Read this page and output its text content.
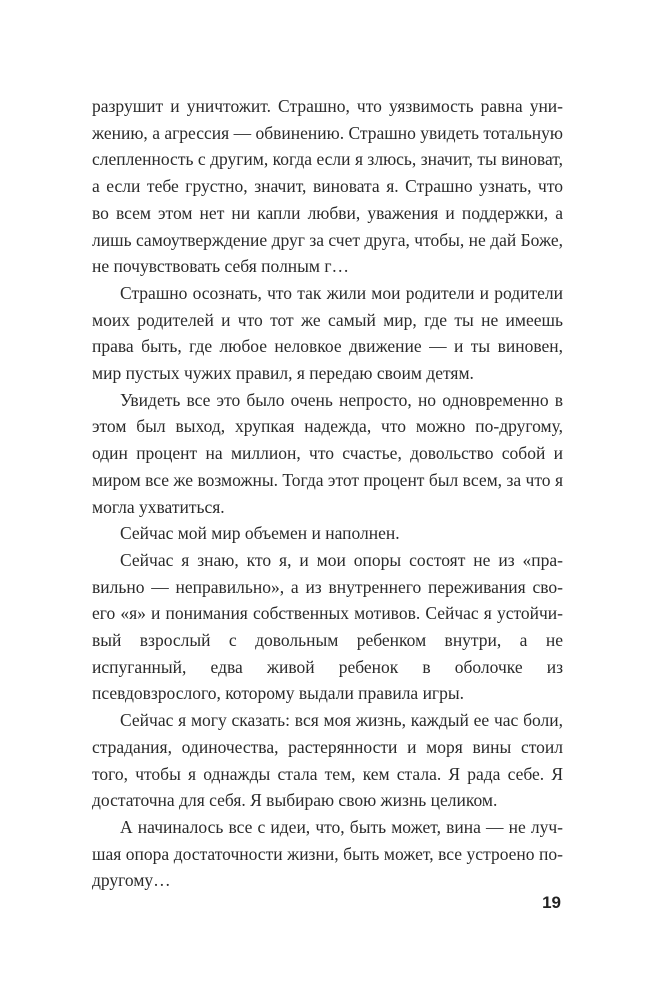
разрушит и уничтожит. Страшно, что уязвимость равна унижению, а агрессия — обвинению. Страшно увидеть тотальную слепленность с другим, когда если я злюсь, значит, ты виноват, а если тебе грустно, значит, виновата я. Страшно узнать, что во всем этом нет ни капли любви, уважения и поддержки, а лишь самоутверждение друг за счет друга, чтобы, не дай Боже, не почувствовать себя полным г…

Страшно осознать, что так жили мои родители и родители моих родителей и что тот же самый мир, где ты не имеешь права быть, где любое неловкое движение — и ты виновен, мир пустых чужих правил, я передаю своим детям.

Увидеть все это было очень непросто, но одновременно в этом был выход, хрупкая надежда, что можно по-другому, один процент на миллион, что счастье, довольство собой и миром все же возможны. Тогда этот процент был всем, за что я могла ухватиться.

Сейчас мой мир объемен и наполнен.

Сейчас я знаю, кто я, и мои опоры состоят не из «правильно — неправильно», а из внутреннего переживания своего «я» и понимания собственных мотивов. Сейчас я устойчивый взрослый с довольным ребенком внутри, а не испуганный, едва живой ребенок в оболочке из псевдовзрослого, которому выдали правила игры.

Сейчас я могу сказать: вся моя жизнь, каждый ее час боли, страдания, одиночества, растерянности и моря вины стоил того, чтобы я однажды стала тем, кем стала. Я рада себе. Я достаточна для себя. Я выбираю свою жизнь целиком.

А начиналось все с идеи, что, быть может, вина — не лучшая опора достаточности жизни, быть может, все устроено по-другому…

19
